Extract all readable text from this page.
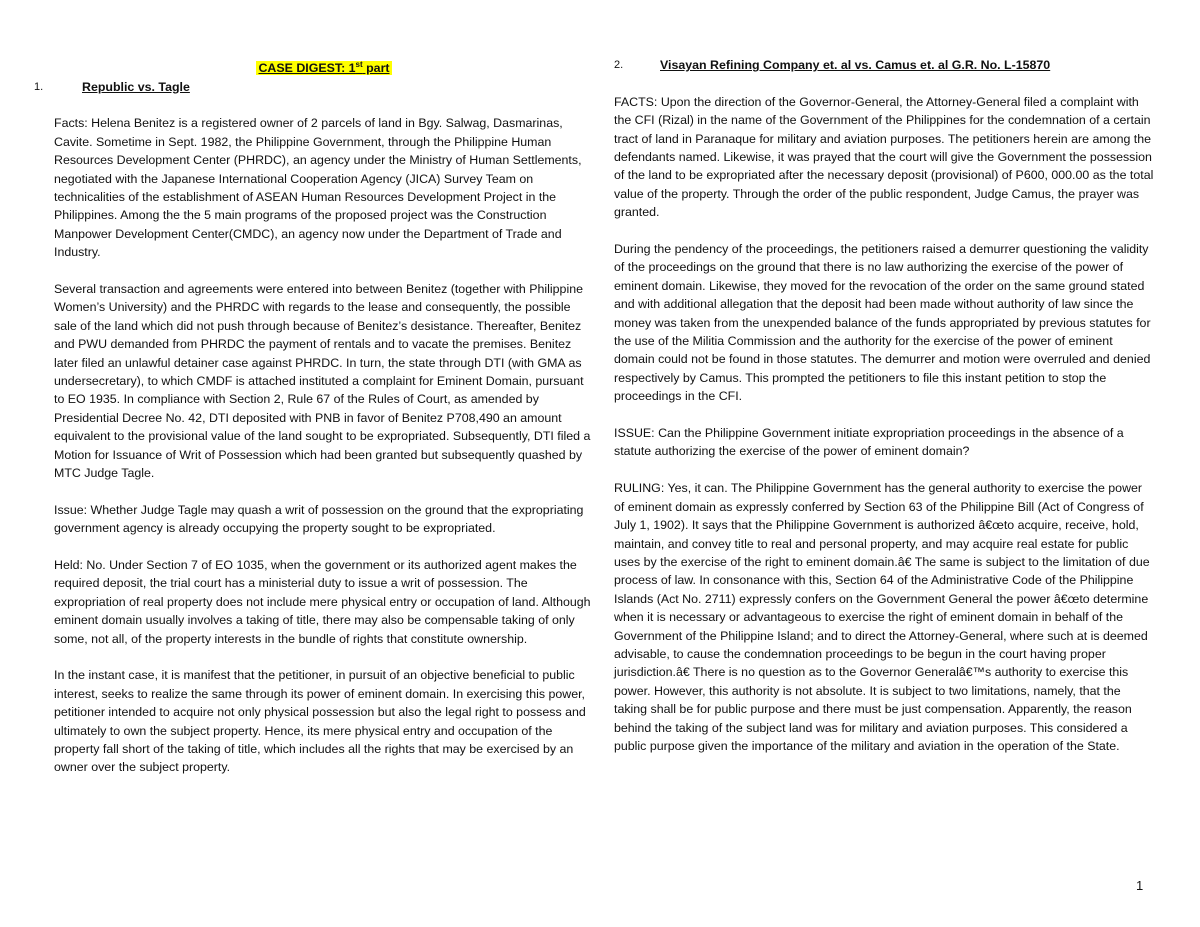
CASE DIGEST: 1st part
1.	Republic vs. Tagle

Facts: Helena Benitez is a registered owner of 2 parcels of land in Bgy. Salwag, Dasmarinas, Cavite. Sometime in Sept. 1982, the Philippine Government, through the Philippine Human Resources Development Center (PHRDC), an agency under the Ministry of Human Settlements, negotiated with the Japanese International Cooperation Agency (JICA) Survey Team on technicalities of the establishment of ASEAN Human Resources Development Project in the Philippines. Among the the 5 main programs of the proposed project was the Construction Manpower Development Center(CMDC), an agency now under the Department of Trade and Industry.

Several transaction and agreements were entered into between Benitez (together with Philippine Women’s University) and the PHRDC with regards to the lease and consequently, the possible sale of the land which did not push through because of Benitez’s desistance. Thereafter, Benitez and PWU demanded from PHRDC the payment of rentals and to vacate the premises. Benitez later filed an unlawful detainer case against PHRDC. In turn, the state through DTI (with GMA as undersecretary), to which CMDF is attached instituted a complaint for Eminent Domain, pursuant to EO 1935. In compliance with Section 2, Rule 67 of the Rules of Court, as amended by Presidential Decree No. 42, DTI deposited with PNB in favor of Benitez P708,490 an amount equivalent to the provisional value of the land sought to be expropriated. Subsequently, DTI filed a Motion for Issuance of Writ of Possession which had been granted but subsequently quashed by MTC Judge Tagle.

Issue: Whether Judge Tagle may quash a writ of possession on the ground that the expropriating government agency is already occupying the property sought to be expropriated.

Held: No. Under Section 7 of EO 1035, when the government or its authorized agent makes the required deposit, the trial court has a ministerial duty to issue a writ of possession. The expropriation of real property does not include mere physical entry or occupation of land. Although eminent domain usually involves a taking of title, there may also be compensable taking of only some, not all, of the property interests in the bundle of rights that constitute ownership.

In the instant case, it is manifest that the petitioner, in pursuit of an objective beneficial to public interest, seeks to realize the same through its power of eminent domain. In exercising this power, petitioner intended to acquire not only physical possession but also the legal right to possess and ultimately to own the subject property. Hence, its mere physical entry and occupation of the property fall short of the taking of title, which includes all the rights that may be exercised by an owner over the subject property.

2.	Visayan Refining Company et. al vs. Camus et. al G.R. No. L-15870

FACTS: Upon the direction of the Governor-General, the Attorney-General filed a complaint with the CFI (Rizal) in the name of the Government of the Philippines for the condemnation of a certain tract of land in Paranaque for military and aviation purposes. The petitioners herein are among the defendants named. Likewise, it was prayed that the court will give the Government the possession of the land to be expropriated after the necessary deposit (provisional) of P600, 000.00 as the total value of the property. Through the order of the public respondent, Judge Camus, the prayer was granted.

During the pendency of the proceedings, the petitioners raised a demurrer questioning the validity of the proceedings on the ground that there is no law authorizing the exercise of the power of eminent domain. Likewise, they moved for the revocation of the order on the same ground stated and with additional allegation that the deposit had been made without authority of law since the money was taken from the unexpended balance of the funds appropriated by previous statutes for the use of the Militia Commission and the authority for the exercise of the power of eminent domain could not be found in those statutes. The demurrer and motion were overruled and denied respectively by Camus. This prompted the petitioners to file this instant petition to stop the proceedings in the CFI.

ISSUE: Can the Philippine Government initiate expropriation proceedings in the absence of a statute authorizing the exercise of the power of eminent domain?

RULING: Yes, it can. The Philippine Government has the general authority to exercise the power of eminent domain as expressly conferred by Section 63 of the Philippine Bill (Act of Congress of July 1, 1902). It says that the Philippine Government is authorized â€œto acquire, receive, hold, maintain, and convey title to real and personal property, and may acquire real estate for public uses by the exercise of the right to eminent domain.â€ The same is subject to the limitation of due process of law. In consonance with this, Section 64 of the Administrative Code of the Philippine Islands (Act No. 2711) expressly confers on the Government General the power â€œto determine when it is necessary or advantageous to exercise the right of eminent domain in behalf of the Government of the Philippine Island; and to direct the Attorney-General, where such at is deemed advisable, to cause the condemnation proceedings to be begun in the court having proper jurisdiction.â€ There is no question as to the Governor Generalâ€™s authority to exercise this power. However, this authority is not absolute. It is subject to two limitations, namely, that the taking shall be for public purpose and there must be just compensation. Apparently, the reason behind the taking of the subject land was for military and aviation purposes. This considered a public purpose given the importance of the military and aviation in the operation of the State.

1
